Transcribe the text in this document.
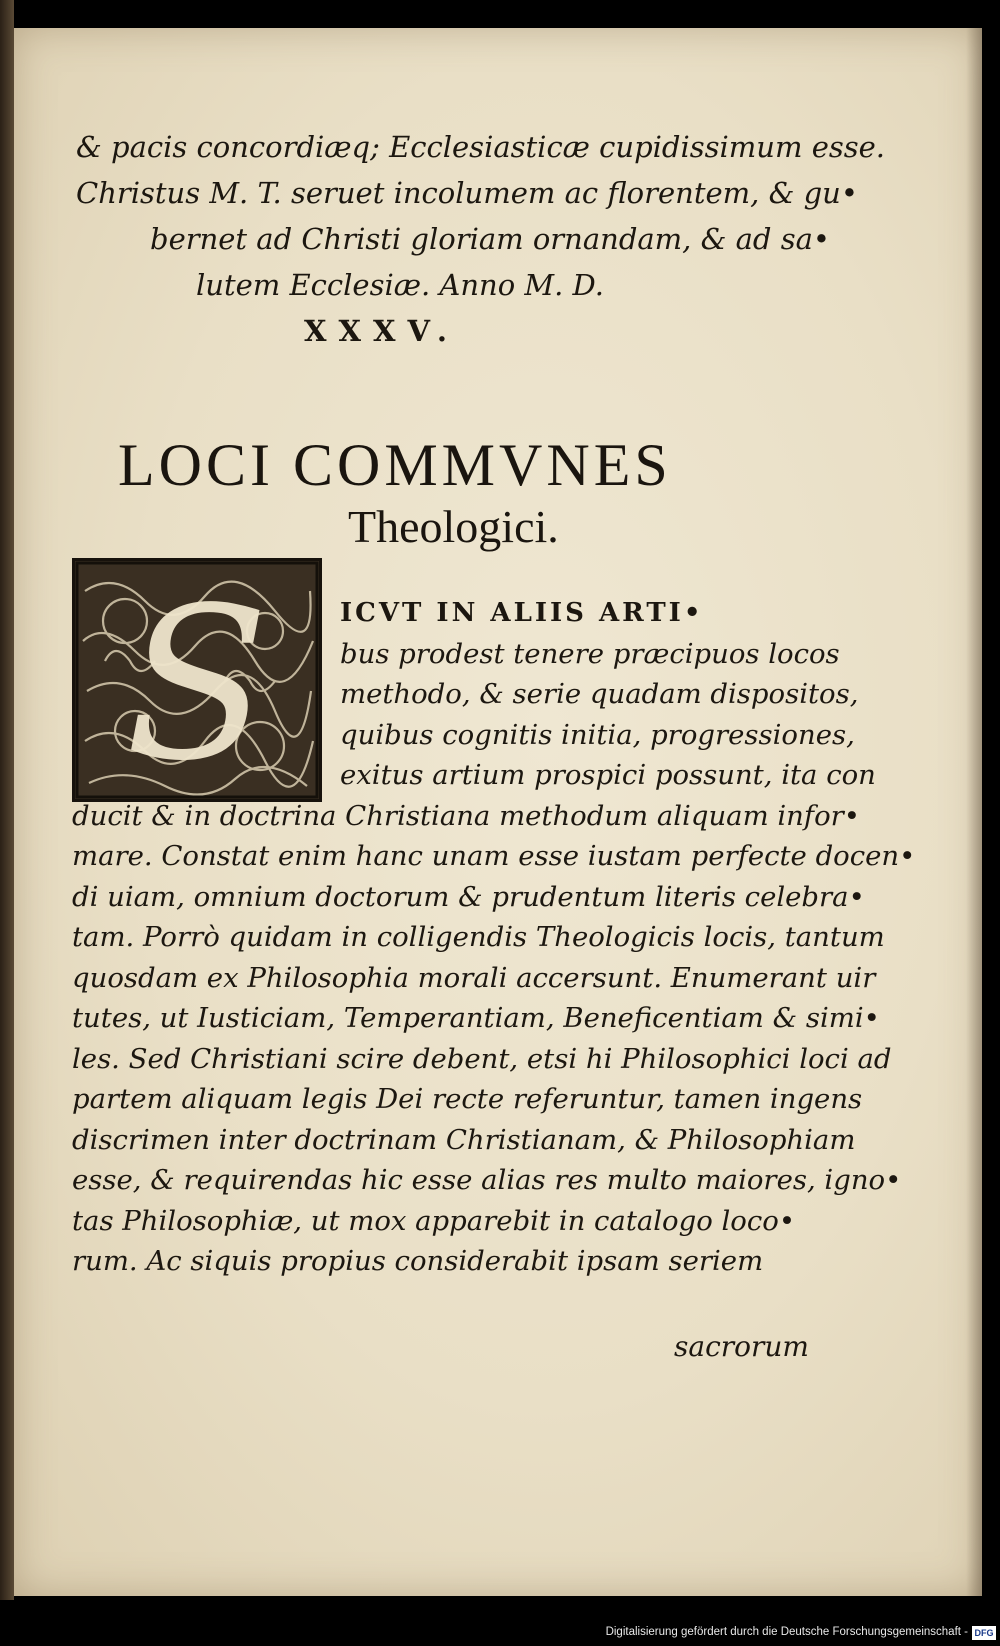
& pacis concordiæq; Ecclesiasticæ cupidissimum esse.
Christus M. T. seruet incolumem ac florentem, & gu•
bernet ad Christi gloriam ornandam, & ad sa•
lutem Ecclesiæ. Anno M. D.
XXXV.
LOCI COMMVNES
Theologici.
S	ICVT IN ALIIS ARTI•
bus prodest tenere præcipuos locos
methodo, & serie quadam dispositos,
quibus cognitis initia, progressiones,
exitus artium prospici possunt, ita con
ducit & in doctrina Christiana methodum aliquam infor•
mare. Constat enim hanc unam esse iustam perfecte docen•
di uiam, omnium doctorum & prudentum literis celebra•
tam. Porrò quidam in colligendis Theologicis locis, tantum
quosdam ex Philosophia morali accersunt. Enumerant uir
tutes, ut Iusticiam, Temperantiam, Beneficentiam & simi•
les. Sed Christiani scire debent, etsi hi Philosophici loci ad
partem aliquam legis Dei recte referuntur, tamen ingens
discrimen inter doctrinam Christianam, & Philosophiam
esse, & requirendas hic esse alias res multo maiores, igno•
tas Philosophiæ, ut mox apparebit in catalogo loco•
rum. Ac siquis propius considerabit ipsam seriem
sacrorum
Digitalisierung gefördert durch die Deutsche Forschungsgemeinschaft - DFG
